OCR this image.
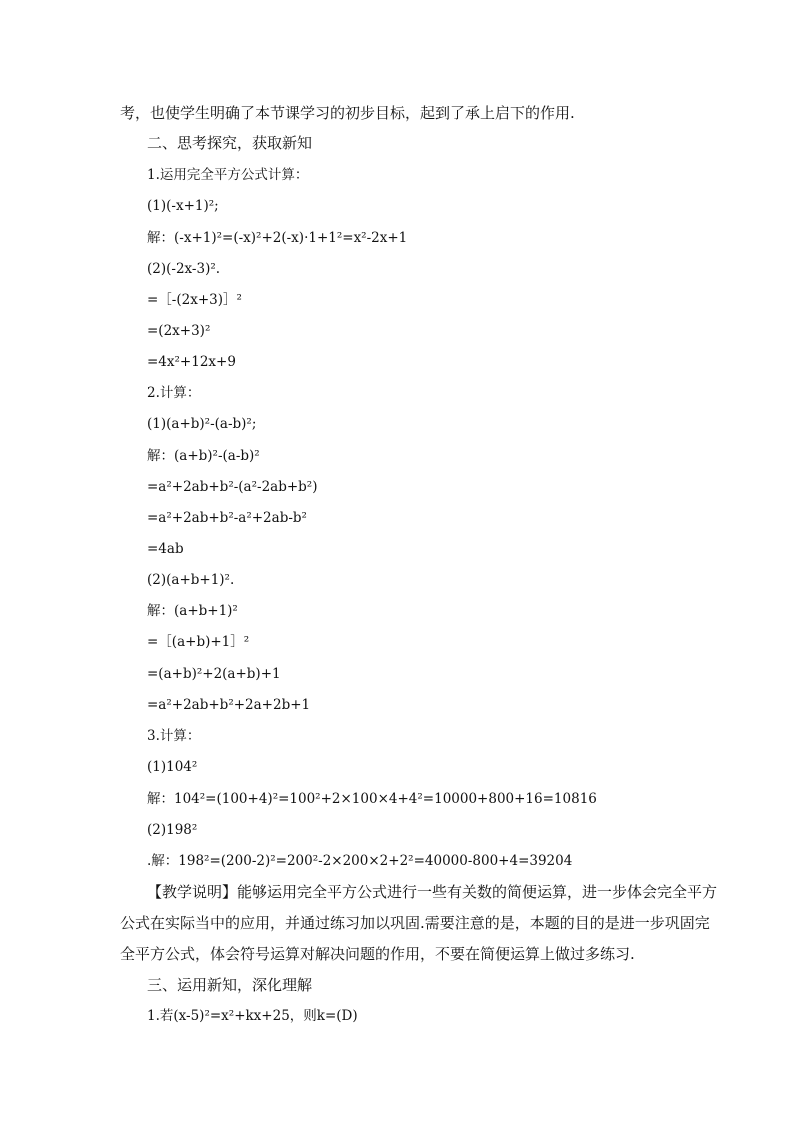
考，也使学生明确了本节课学习的初步目标，起到了承上启下的作用.
二、思考探究，获取新知
1.运用完全平方公式计算：
(1)(-x+1)²;
解：(-x+1)²=(-x)²+2(-x)·1+1²=x²-2x+1
(2)(-2x-3)².
=［-(2x+3)］²
=(2x+3)²
=4x²+12x+9
2.计算：
(1)(a+b)²-(a-b)²;
解：(a+b)²-(a-b)²
=a²+2ab+b²-(a²-2ab+b²)
=a²+2ab+b²-a²+2ab-b²
=4ab
(2)(a+b+1)².
解：(a+b+1)²
=［(a+b)+1］²
=(a+b)²+2(a+b)+1
=a²+2ab+b²+2a+2b+1
3.计算：
(1)104²
解：104²=(100+4)²=100²+2×100×4+4²=10000+800+16=10816
(2)198²
.解：198²=(200-2)²=200²-2×200×2+2²=40000-800+4=39204
【教学说明】能够运用完全平方公式进行一些有关数的简便运算，进一步体会完全平方
公式在实际当中的应用，并通过练习加以巩固.需要注意的是，本题的目的是进一步巩固完
全平方公式，体会符号运算对解决问题的作用，不要在简便运算上做过多练习.
三、运用新知，深化理解
1.若(x-5)²=x²+kx+25，则k=(D)
